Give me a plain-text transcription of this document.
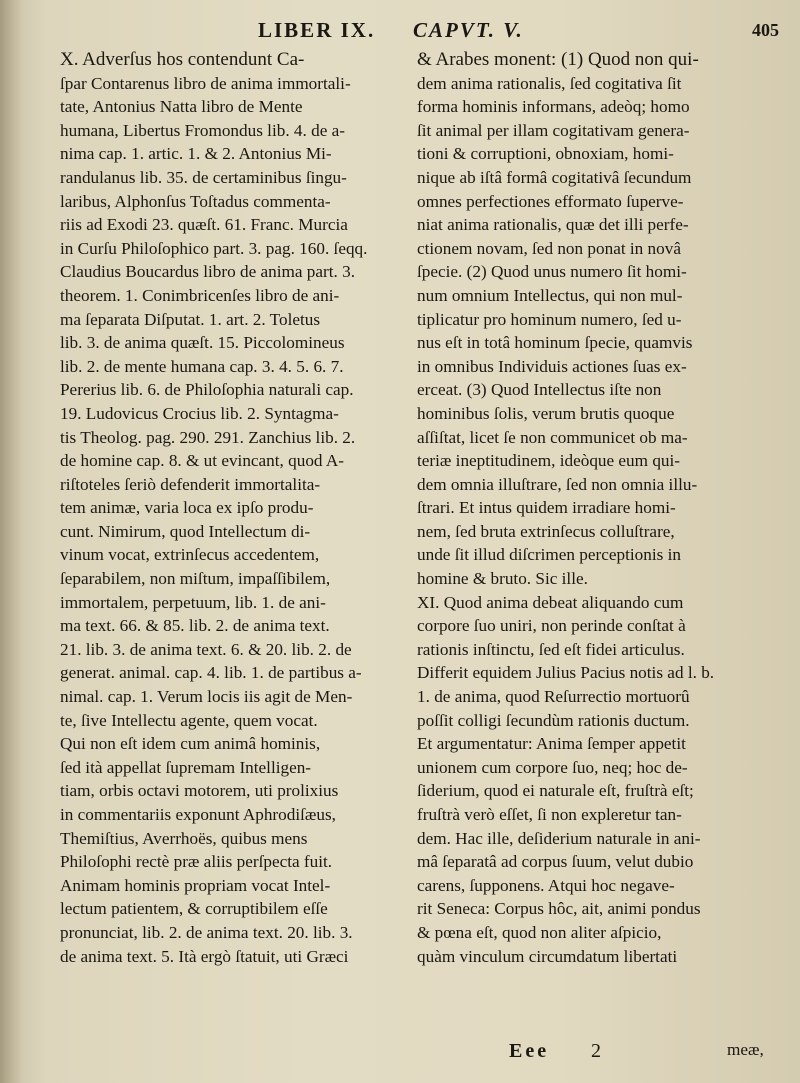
LIBER IX. CAPVT. V.	405
X. Adverſus hos contendunt Ca-
ſpar Contarenus libro de anima immortali-
tate, Antonius Natta libro de Mente
humana, Libertus Fromondus lib. 4. de a-
nima cap. 1. artic. 1. & 2. Antonius Mi-
randulanus lib. 35. de certaminibus ſingu-
laribus, Alphonſus Toſtadus commenta-
riis ad Exodi 23. quæſt. 61. Franc. Murcia
in Curſu Philoſophico part. 3. pag. 160. ſeqq.
Claudius Boucardus libro de anima part. 3.
theorem. 1. Conimbricenſes libro de ani-
ma ſeparata Diſputat. 1. art. 2. Toletus
lib. 3. de anima quæſt. 15. Piccolomineus
lib. 2. de mente humana cap. 3. 4. 5. 6. 7.
Pererius lib. 6. de Philoſophia naturali cap.
19. Ludovicus Crocius lib. 2. Syntagma-
tis Theolog. pag. 290. 291. Zanchius lib. 2.
de homine cap. 8. & ut evincant, quod A-
riſtoteles ſeriò defenderit immortalita-
tem animæ, varia loca ex ipſo produ-
cunt. Nimirum, quod Intellectum di-
vinum vocat, extrinſecus accedentem,
ſeparabilem, non miſtum, impaſſibilem,
immortalem, perpetuum, lib. 1. de ani-
ma text. 66. & 85. lib. 2. de anima text.
21. lib. 3. de anima text. 6. & 20. lib. 2. de
generat. animal. cap. 4. lib. 1. de partibus a-
nimal. cap. 1. Verum locis iis agit de Men-
te, ſive Intellectu agente, quem vocat.
Qui non eſt idem cum animâ hominis,
ſed ità appellat ſupremam Intelligen-
tiam, orbis octavi motorem, uti prolixius
in commentariis exponunt Aphrodiſæus,
Themiſtius, Averrhoës, quibus mens
Philoſophi rectè præ aliis perſpecta fuit.
Animam hominis propriam vocat Intel-
lectum patientem, & corruptibilem eſſe
pronunciat, lib. 2. de anima text. 20. lib. 3.
de anima text. 5. Ità ergò ſtatuit, uti Græci
& Arabes monent: (1) Quod non qui-
dem anima rationalis, ſed cogitativa ſit
forma hominis informans, adeòq; homo
ſit animal per illam cogitativam genera-
tioni & corruptioni, obnoxiam, homi-
nique ab iſtâ formâ cogitativâ ſecundum
omnes perfectiones efformato ſuperve-
niat anima rationalis, quæ det illi perfe-
ctionem novam, ſed non ponat in novâ
ſpecie. (2) Quod unus numero ſit homi-
num omnium Intellectus, qui non mul-
tiplicatur pro hominum numero, ſed u-
nus eſt in totâ hominum ſpecie, quamvis
in omnibus Individuis actiones ſuas ex-
erceat. (3) Quod Intellectus iſte non
hominibus ſolis, verum brutis quoque
aſſiſtat, licet ſe non communicet ob ma-
teriæ ineptitudinem, ideòque eum qui-
dem omnia illuſtrare, ſed non omnia illu-
ſtrari. Et intus quidem irradiare homi-
nem, ſed bruta extrinſecus colluſtrare,
unde ſit illud diſcrimen perceptionis in
homine & bruto. Sic ille.
XI. Quod anima debeat aliquando cum
corpore ſuo uniri, non perinde conſtat à
rationis inſtinctu, ſed eſt fidei articulus.
Differit equidem Julius Pacius notis ad l. b.
1. de anima, quod Reſurrectio mortuorû
poſſit colligi ſecundùm rationis ductum.
Et argumentatur: Anima ſemper appetit
unionem cum corpore ſuo, neq; hoc de-
ſiderium, quod ei naturale eſt, fruſtrà eſt;
fruſtrà verò eſſet, ſi non expleretur tan-
dem. Hac ille, deſiderium naturale in ani-
mâ ſeparatâ ad corpus ſuum, velut dubio
carens, ſupponens. Atqui hoc negave-
rit Seneca: Corpus hôc, ait, animi pondus
& pœna eſt, quod non aliter aſpicio,
quàm vinculum circumdatum libertati
Eee 2	meæ,
